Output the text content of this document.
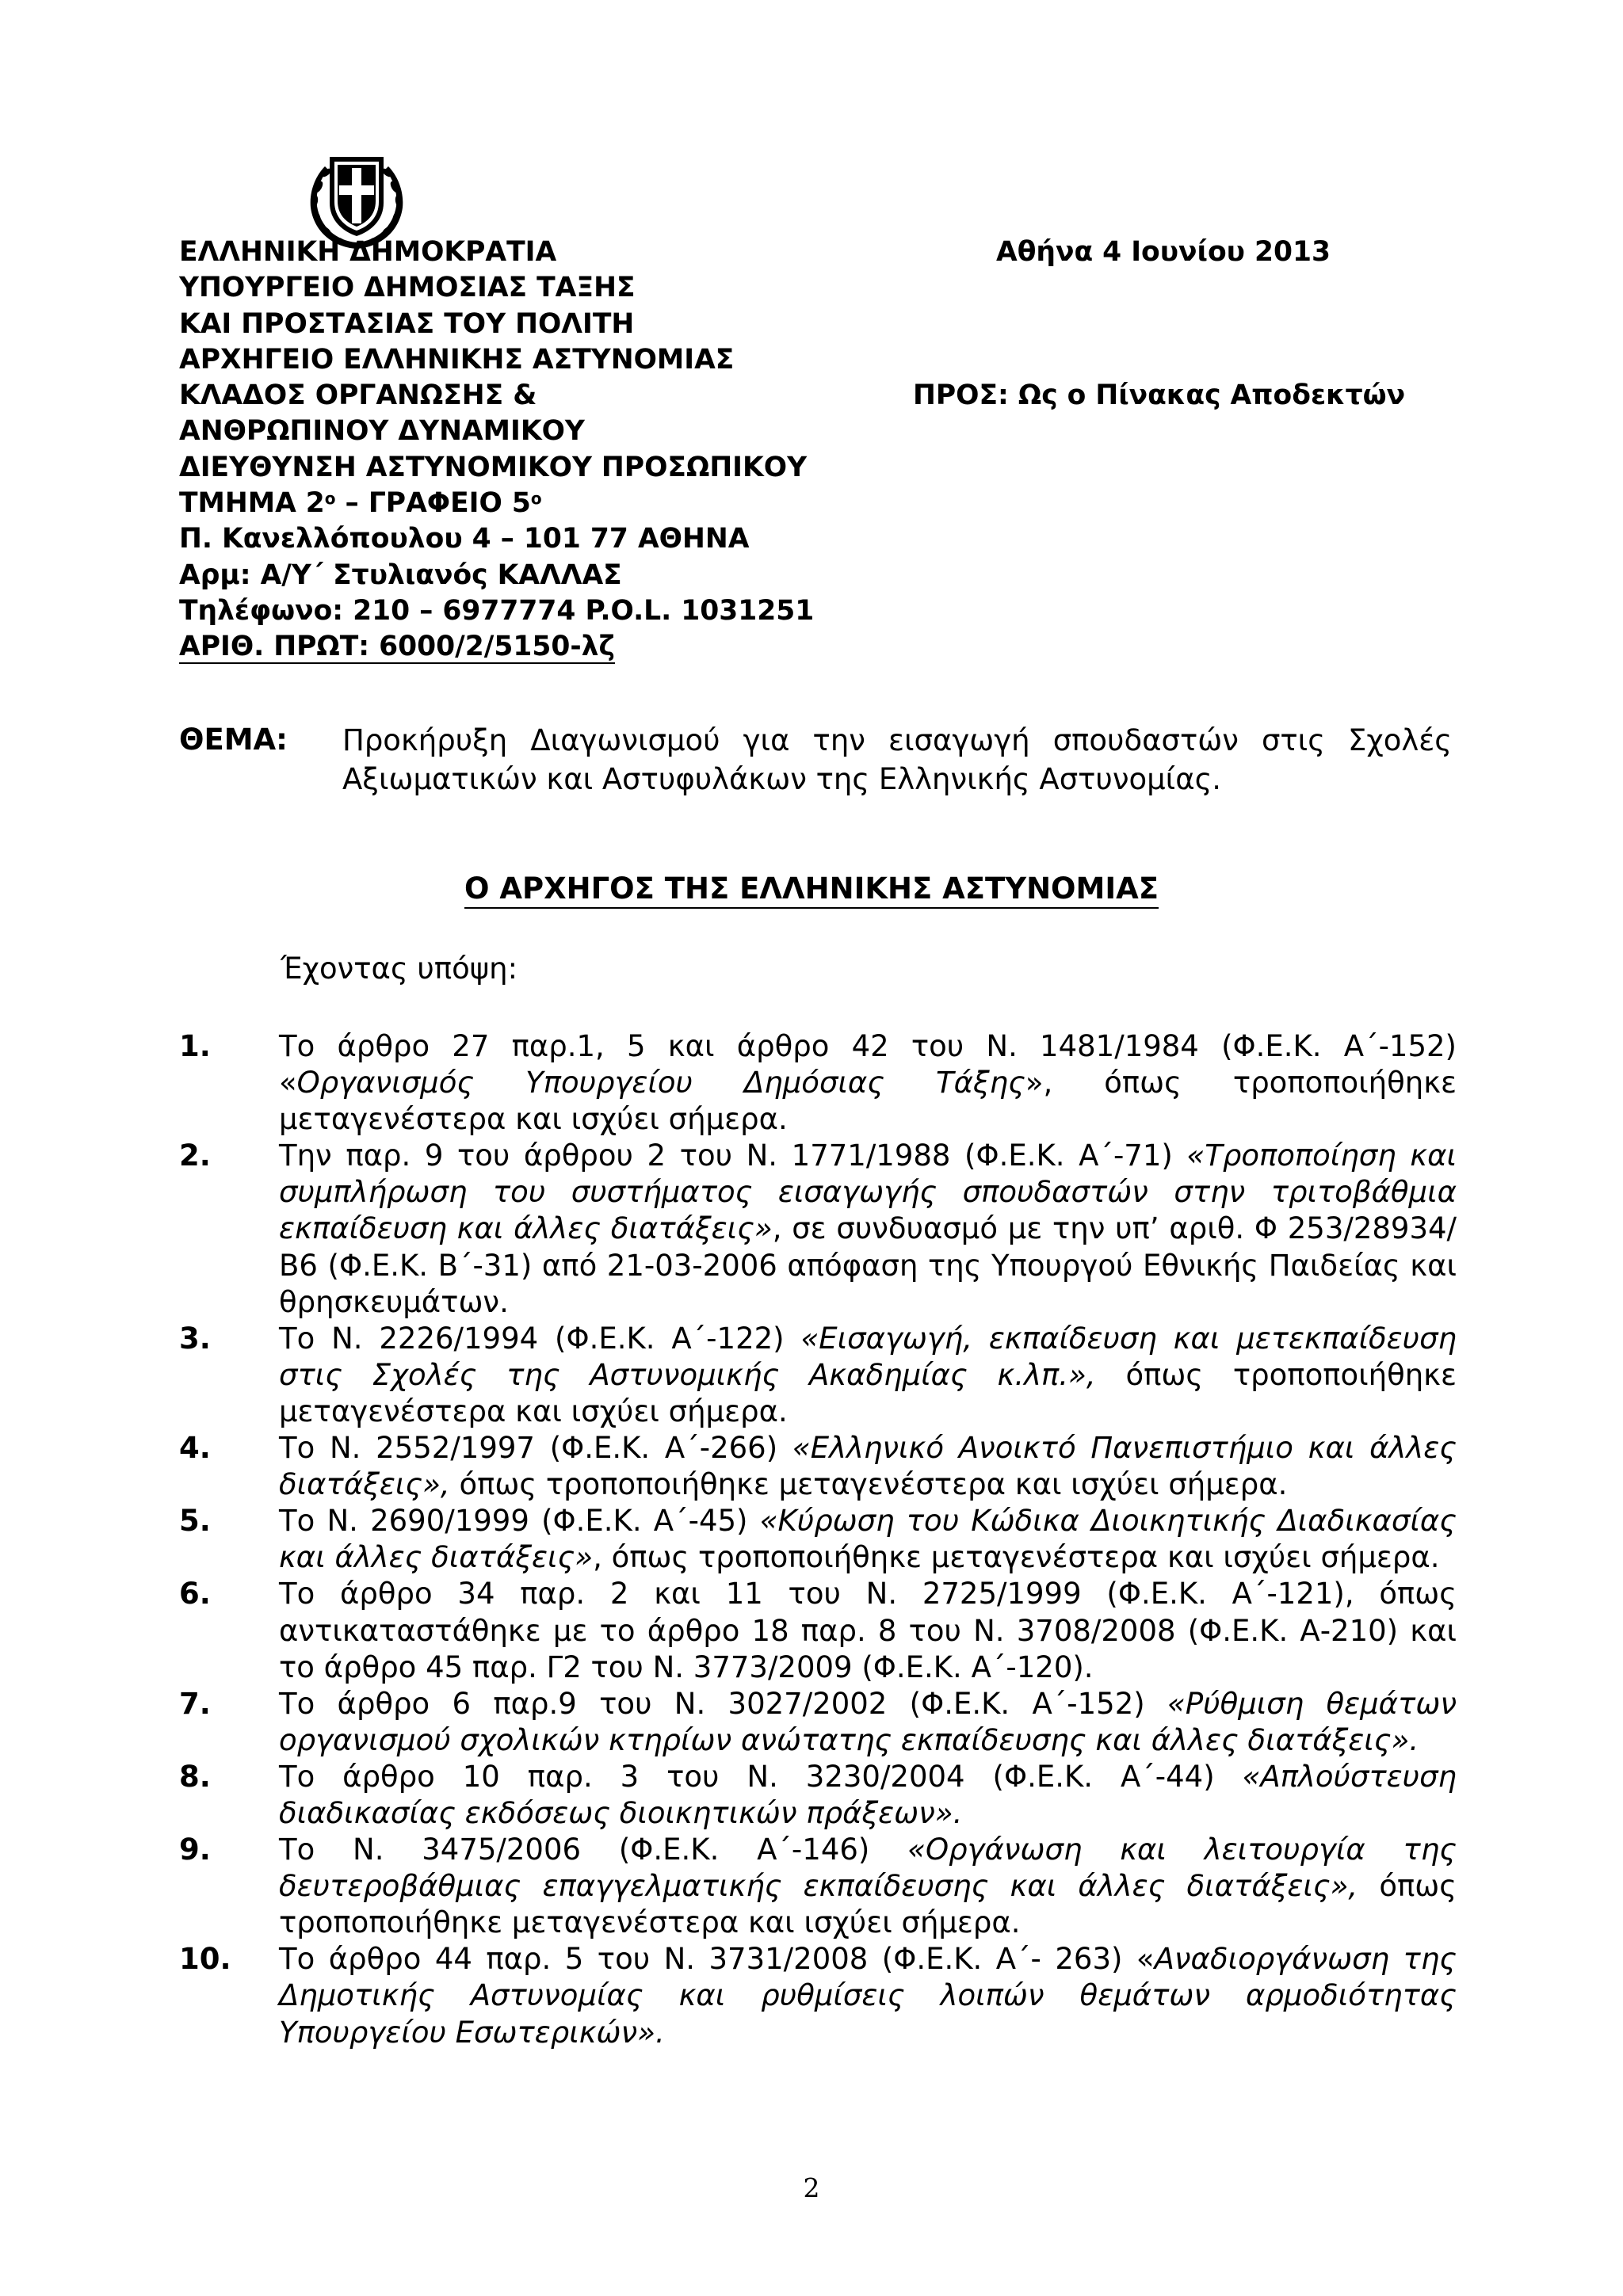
ΕΛΛΗΝΙΚΗ ΔΗΜΟΚΡΑΤΙΑ
ΥΠΟΥΡΓΕΙΟ ΔΗΜΟΣΙΑΣ ΤΑΞΗΣ
ΚΑΙ ΠΡΟΣΤΑΣΙΑΣ ΤΟΥ ΠΟΛΙΤΗ
ΑΡΧΗΓΕΙΟ ΕΛΛΗΝΙΚΗΣ ΑΣΤΥΝΟΜΙΑΣ
ΚΛΑΔΟΣ ΟΡΓΑΝΩΣΗΣ &
ΑΝΘΡΩΠΙΝΟΥ ΔΥΝΑΜΙΚΟΥ
ΔΙΕΥΘΥΝΣΗ ΑΣΤΥΝΟΜΙΚΟΥ ΠΡΟΣΩΠΙΚΟΥ
ΤΜΗΜΑ $2^o$ – ΓΡΑΦΕΙΟ $5^o$
Π. Κανελλόπουλου 4 – 101 77 ΑΘΗΝΑ
Αρμ: Α/Υ΄ Στυλιανός ΚΑΛΛΑΣ
Τηλέφωνο: 210 – 6977774 P.O.L. 1031251
ΑΡΙΘ. ΠΡΩΤ: 6000/2/5150-λζ
Αθήνα 4 Ιουνίου 2013
ΠΡΟΣ: Ως ο Πίνακας Αποδεκτών
ΘΕΜΑ: Προκήρυξη Διαγωνισμού για την εισαγωγή σπουδαστών στις Σχολές Αξιωματικών και Αστυφυλάκων της Ελληνικής Αστυνομίας.
Ο ΑΡΧΗΓΟΣ ΤΗΣ ΕΛΛΗΝΙΚΗΣ ΑΣΤΥΝΟΜΙΑΣ
Έχοντας υπόψη:
1.	Το άρθρο 27 παρ.1, 5 και άρθρο 42 του Ν. 1481/1984 (Φ.Ε.Κ. Α΄-152) «Οργανισμός Υπουργείου Δημόσιας Τάξης», όπως τροποποιήθηκε μεταγενέστερα και ισχύει σήμερα.
2.	Την παρ. 9 του άρθρου 2 του Ν. 1771/1988 (Φ.Ε.Κ. Α΄-71) «Τροποποίηση και συμπλήρωση του συστήματος εισαγωγής σπουδαστών στην τριτοβάθμια εκπαίδευση και άλλες διατάξεις», σε συνδυασμό με την υπ’ αριθ. Φ 253/28934/Β6 (Φ.Ε.Κ. Β΄-31) από 21-03-2006 απόφαση της Υπουργού Εθνικής Παιδείας και θρησκευμάτων.
3.	Το Ν. 2226/1994 (Φ.Ε.Κ. Α΄-122) «Εισαγωγή, εκπαίδευση και μετεκπαίδευση στις Σχολές της Αστυνομικής Ακαδημίας κ.λπ.», όπως τροποποιήθηκε μεταγενέστερα και ισχύει σήμερα.
4.	Το Ν. 2552/1997 (Φ.Ε.Κ. Α΄-266) «Ελληνικό Ανοικτό Πανεπιστήμιο και άλλες διατάξεις», όπως τροποποιήθηκε μεταγενέστερα και ισχύει σήμερα.
5.	Το Ν. 2690/1999 (Φ.Ε.Κ. Α΄-45) «Κύρωση του Κώδικα Διοικητικής Διαδικασίας και άλλες διατάξεις», όπως τροποποιήθηκε μεταγενέστερα και ισχύει σήμερα.
6.	Το άρθρο 34 παρ. 2 και 11 του Ν. 2725/1999 (Φ.Ε.Κ. Α΄-121), όπως αντικαταστάθηκε με το άρθρο 18 παρ. 8 του Ν. 3708/2008 (Φ.Ε.Κ. Α-210) και το άρθρο 45 παρ. Γ2 του Ν. 3773/2009 (Φ.Ε.Κ. Α΄-120).
7.	Το άρθρο 6 παρ.9 του Ν. 3027/2002 (Φ.Ε.Κ. Α΄-152) «Ρύθμιση θεμάτων οργανισμού σχολικών κτηρίων ανώτατης εκπαίδευσης και άλλες διατάξεις».
8.	Το άρθρο 10 παρ. 3 του Ν. 3230/2004 (Φ.Ε.Κ. Α΄-44) «Απλούστευση διαδικασίας εκδόσεως διοικητικών πράξεων».
9.	Το Ν. 3475/2006 (Φ.Ε.Κ. Α΄-146) «Οργάνωση και λειτουργία της δευτεροβάθμιας επαγγελματικής εκπαίδευσης και άλλες διατάξεις», όπως τροποποιήθηκε μεταγενέστερα και ισχύει σήμερα.
10.	Το άρθρο 44 παρ. 5 του Ν. 3731/2008 (Φ.Ε.Κ. Α΄- 263) «Αναδιοργάνωση της Δημοτικής Αστυνομίας και ρυθμίσεις λοιπών θεμάτων αρμοδιότητας Υπουργείου Εσωτερικών».
2
